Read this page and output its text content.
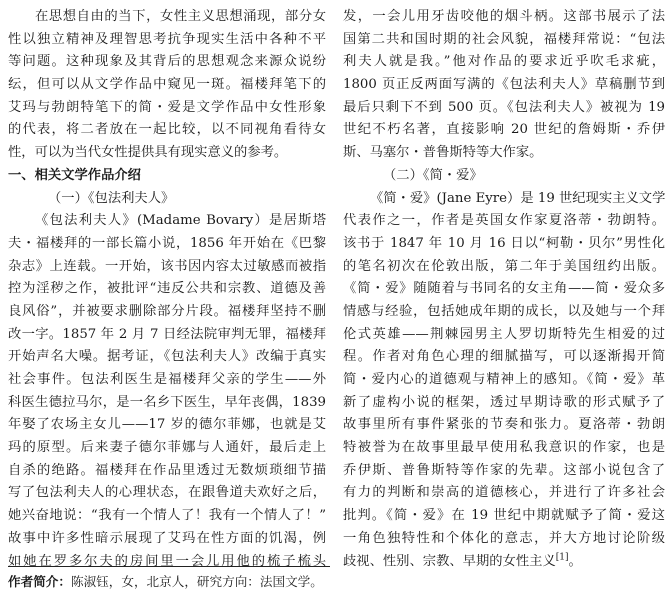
在思想自由的当下，女性主义思想涌现，部分女
性以独立精神及理智思考抗争现实生活中各种不平
等问题。这种现象及其背后的思想观念来源众说纷
纭，但可以从文学作品中窥见一斑。福楼拜笔下的
艾玛与勃朗特笔下的简・爱是文学作品中女性形象
的代表，将二者放在一起比较，以不同视角看待女
性，可以为当代女性提供具有现实意义的参考。
一、相关文学作品介绍
（一）《包法利夫人》
《包法利夫人》(Madame Bovary）是居斯塔
夫・福楼拜的一部长篇小说，1856 年开始在《巴黎
杂志》上连载。一开始，该书因内容太过敏感而被指
控为淫秽之作，被批评“违反公共和宗教、道德及善
良风俗”，并被要求删除部分片段。福楼拜坚持不删
改一字。1857 年 2 月 7 日经法院审判无罪，福楼拜
开始声名大噪。据考证，《包法利夫人》改编于真实
社会事件。包法利医生是福楼拜父亲的学生——外
科医生德拉马尔，是一名乡下医生，早年丧偶，1839
年娶了农场主女儿——17 岁的德尔菲娜，也就是艾
玛的原型。后来妻子德尔菲娜与人通奸，最后走上
自杀的绝路。福楼拜在作品里透过无数烦琐细节描
写了包法利夫人的心理状态，在跟鲁道夫欢好之后，
她兴奋地说：“我有一个情人了！我有一个情人了！”
故事中许多性暗示展现了艾玛在性方面的饥渴，例
如她在罗多尔夫的房间里一会儿用他的梳子梳头
发，一会儿用牙齿咬他的烟斗柄。这部书展示了法
国第二共和国时期的社会风貌，福楼拜常说：“包法
利夫人就是我。”他对作品的要求近乎吹毛求疵，
1800 页正反两面写满的《包法利夫人》草稿删节到
最后只剩下不到 500 页。《包法利夫人》被视为 19
世纪不朽名著，直接影响 20 世纪的詹姆斯・乔伊
斯、马塞尔・普鲁斯特等大作家。
（二）《简・爱》
《简・爱》(Jane Eyre）是 19 世纪现实主义文学
代表作之一，作者是英国女作家夏洛蒂・勃朗特。
该书于 1847 年 10 月 16 日以“柯勒・贝尔”男性化
的笔名初次在伦敦出版，第二年于美国纽约出版。
《简・爱》随随着与书同名的女主角——简・爱众多
情感与经验，包括她成年期的成长，以及她与一个拜
伦式英雄——荆棘园男主人罗切斯特先生相爱的过
程。作者对角色心理的细腻描写，可以逐渐揭开简
简・爱内心的道德观与精神上的感知。《简・爱》革
新了虚构小说的框架，透过早期诗歌的形式赋予了
故事里所有事件紧张的节奏和张力。夏洛蒂・勃朗
特被誉为在故事里最早使用私我意识的作家，也是
乔伊斯、普鲁斯特等作家的先辈。这部小说包含了
有力的判断和崇高的道德核心，并进行了许多社会
批判。《简・爱》在 19 世纪中期就赋予了简・爱这
一角色独特性和个体化的意志，并大方地讨论阶级
歧视、性别、宗教、早期的女性主义[1]。
作者简介：陈淑钰，女，北京人，研究方向：法国文学。
